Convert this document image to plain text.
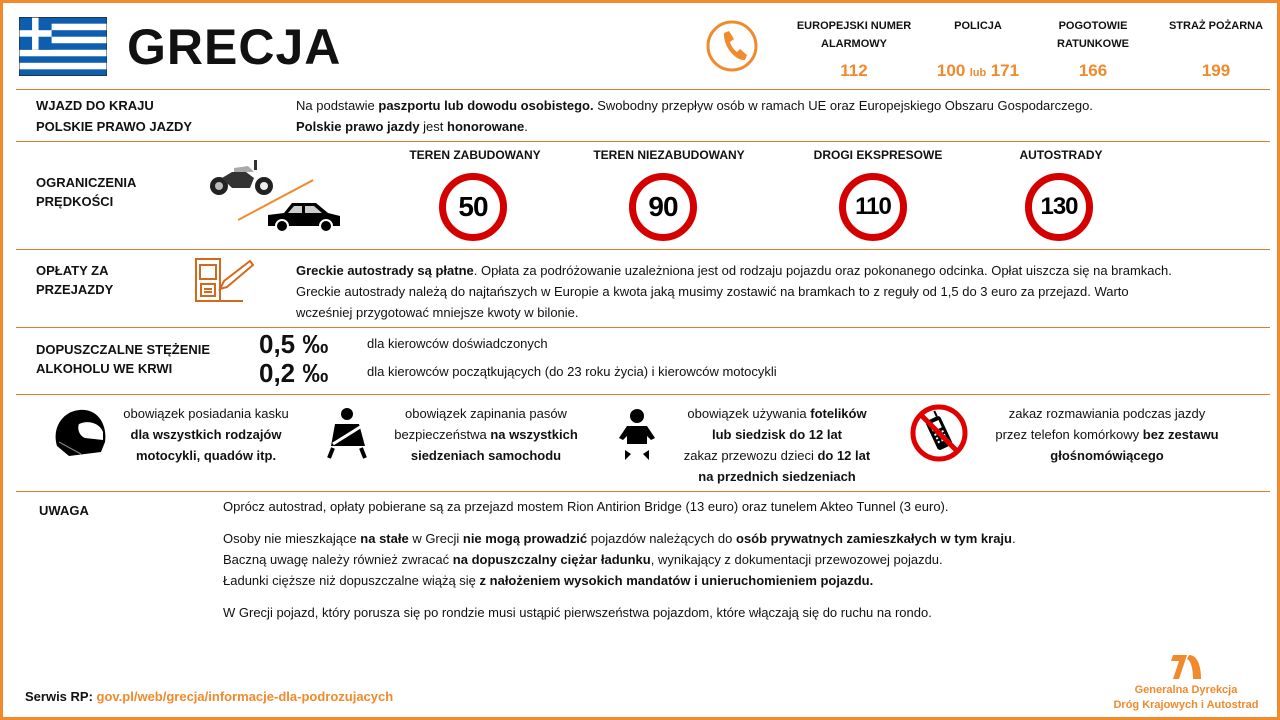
GRECJA	EUROPEJSKI NUMER
ALARMOWY
112
POLICJA
100 lub 171
POGOTOWIE
RATUNKOWE
166
STRAŻ POŻARNA
199
WJAZD DO KRAJU
POLSKIE PRAWO JAZDY
Na podstawie paszportu lub dowodu osobistego. Swobodny przepływ osób w ramach UE oraz Europejskiego Obszaru Gospodarczego.
Polskie prawo jazdy jest honorowane.
OGRANICZENIA
PRĘDKOŚCI
TEREN ZABUDOWANY
50
TEREN NIEZABUDOWANY
90
DROGI EKSPRESOWE
110
AUTOSTRADY
130
OPŁATY ZA
PRZEJAZDY
Greckie autostrady są płatne. Opłata za podróżowanie uzależniona jest od rodzaju pojazdu oraz pokonanego odcinka. Opłat uiszcza się na bramkach.
Greckie autostrady należą do najtańszych w Europie a kwota jaką musimy zostawić na bramkach to z reguły od 1,5 do 3 euro za przejazd. Warto
wcześniej przygotować mniejsze kwoty w bilonie.
DOPUSZCZALNE STĘŻENIE
ALKOHOLU WE KRWI
0,5 ‰	dla kierowców doświadczonych
0,2 ‰	dla kierowców początkujących (do 23 roku życia) i kierowców motocykli
obowiązek posiadania kasku
dla wszystkich rodzajów
motocykli, quadów itp.
obowiązek zapinania pasów
bezpieczeństwa na wszystkich
siedzeniach samochodu
obowiązek używania fotelików
lub siedzisk do 12 lat
zakaz przewozu dzieci do 12 lat
na przednich siedzeniach
zakaz rozmawiania podczas jazdy
przez telefon komórkowy bez zestawu
głośnomówiącego
UWAGA	Oprócz autostrad, opłaty pobierane są za przejazd mostem Rion Antirion Bridge (13 euro) oraz tunelem Akteo Tunnel (3 euro).
Osoby nie mieszkające na stałe w Grecji nie mogą prowadzić pojazdów należących do osób prywatnych zamieszkałych w tym kraju.
Baczną uwagę należy również zwracać na dopuszczalny ciężar ładunku, wynikający z dokumentacji przewozowej pojazdu.
Ładunki cięższe niż dopuszczalne wiążą się z nałożeniem wysokich mandatów i unieruchomieniem pojazdu.
W Grecji pojazd, który porusza się po rondzie musi ustąpić pierwszeństwa pojazdom, które włączają się do ruchu na rondo.
Serwis RP: gov.pl/web/grecja/informacje-dla-podrozujacych	Generalna Dyrekcja
Dróg Krajowych i Autostrad
